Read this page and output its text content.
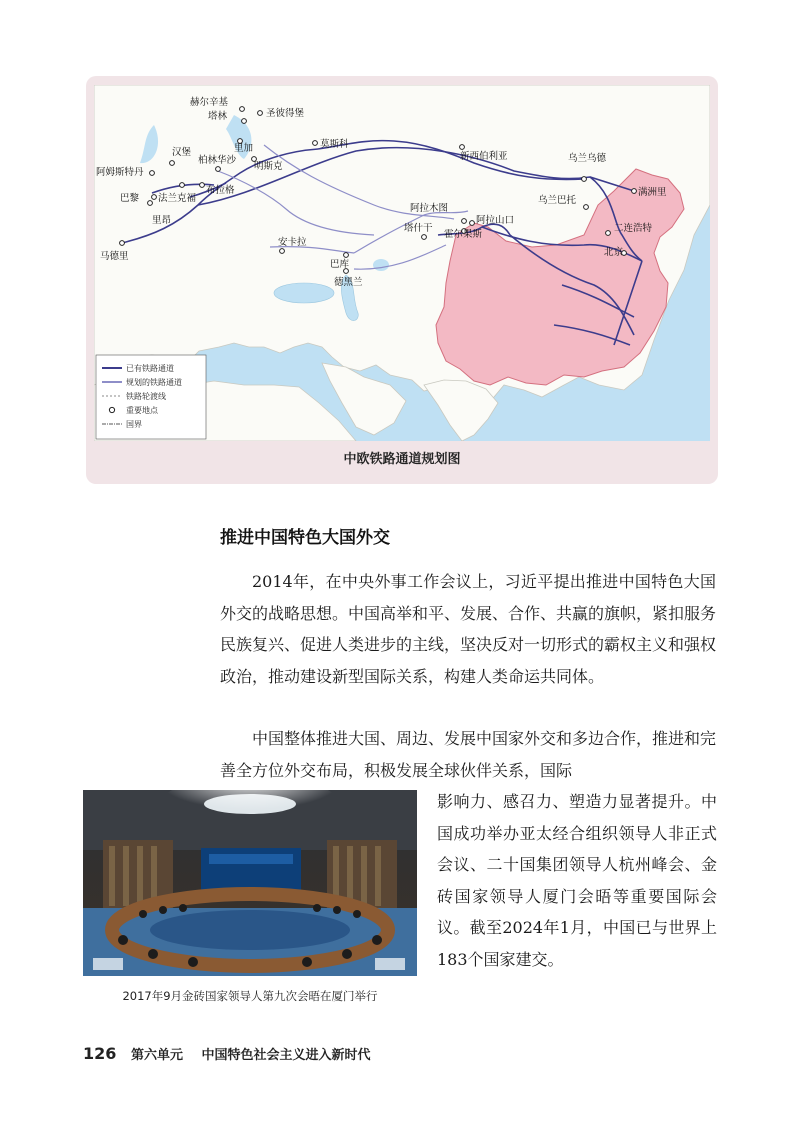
已有铁路通道
规划的铁路通道
铁路轮渡线
重要地点
国界
赫尔辛基
塔林	圣彼得堡
里加	莫斯科
明斯克
柏林华沙
汉堡
阿姆斯特丹
巴黎 法兰克福
布拉格
里昂
马德里
安卡拉
巴库
德黑兰
塔什干
阿拉木图
阿拉山口
霍尔果斯
新西伯利亚	乌兰乌德
满洲里
乌兰巴托
二连浩特
北京
中欧铁路通道规划图
推进中国特色大国外交

2014年，在中央外事工作会议上，习近平提出推进中国特色大国外交的战略思想。中国高举和平、发展、合作、共赢的旗帜，紧扣服务民族复兴、促进人类进步的主线，坚决反对一切形式的霸权主义和强权政治，推动建设新型国际关系，构建人类命运共同体。

中国整体推进大国、周边、发展中国家外交和多边合作，推进和完善全方位外交布局，积极发展全球伙伴关系，国际

影响力、感召力、塑造力显著提升。中国成功举办亚太经合组织领导人非正式会议、二十国集团领导人杭州峰会、金砖国家领导人厦门会晤等重要国际会议。截至2024年1月，中国已与世界上183个国家建交。

2017年9月金砖国家领导人第九次会晤在厦门举行
126 第六单元 中国特色社会主义进入新时代
